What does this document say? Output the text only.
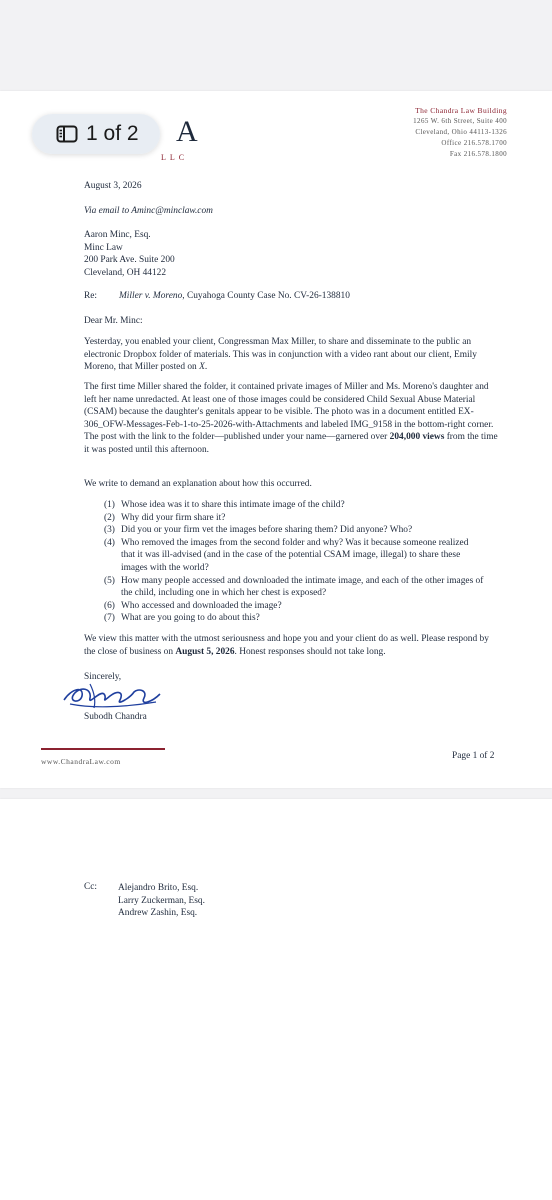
A
LLC
The Chandra Law Building
1265 W. 6th Street, Suite 400
Cleveland, Ohio 44113-1326
Office 216.578.1700
Fax 216.578.1800
1 of 2
August 3, 2026
Via email to Aminc@minclaw.com
Aaron Minc, Esq.
Minc Law
200 Park Ave. Suite 200
Cleveland, OH 44122
Re: Miller v. Moreno, Cuyahoga County Case No. CV-26-138810
Dear Mr. Minc:
Yesterday, you enabled your client, Congressman Max Miller, to share and disseminate to the public an electronic Dropbox folder of materials. This was in conjunction with a video rant about our client, Emily Moreno, that Miller posted on X.
The first time Miller shared the folder, it contained private images of Miller and Ms. Moreno's daughter and left her name unredacted. At least one of those images could be considered Child Sexual Abuse Material (CSAM) because the daughter's genitals appear to be visible. The photo was in a document entitled EX-306_OFW-Messages-Feb-1-to-25-2026-with-Attachments and labeled IMG_9158 in the bottom-right corner. The post with the link to the folder—published under your name—garnered over 204,000 views from the time it was posted until this afternoon.
We write to demand an explanation about how this occurred.
(1) Whose idea was it to share this intimate image of the child?
(2) Why did your firm share it?
(3) Did you or your firm vet the images before sharing them? Did anyone? Who?
(4) Who removed the images from the second folder and why? Was it because someone realized that it was ill-advised (and in the case of the potential CSAM image, illegal) to share these images with the world?
(5) How many people accessed and downloaded the intimate image, and each of the other images of the child, including one in which her chest is exposed?
(6) Who accessed and downloaded the image?
(7) What are you going to do about this?
We view this matter with the utmost seriousness and hope you and your client do as well. Please respond by the close of business on August 5, 2026. Honest responses should not take long.
Sincerely,
Subodh Chandra
www.ChandraLaw.com
Page 1 of 2
Cc: Alejandro Brito, Esq.
Larry Zuckerman, Esq.
Andrew Zashin, Esq.
